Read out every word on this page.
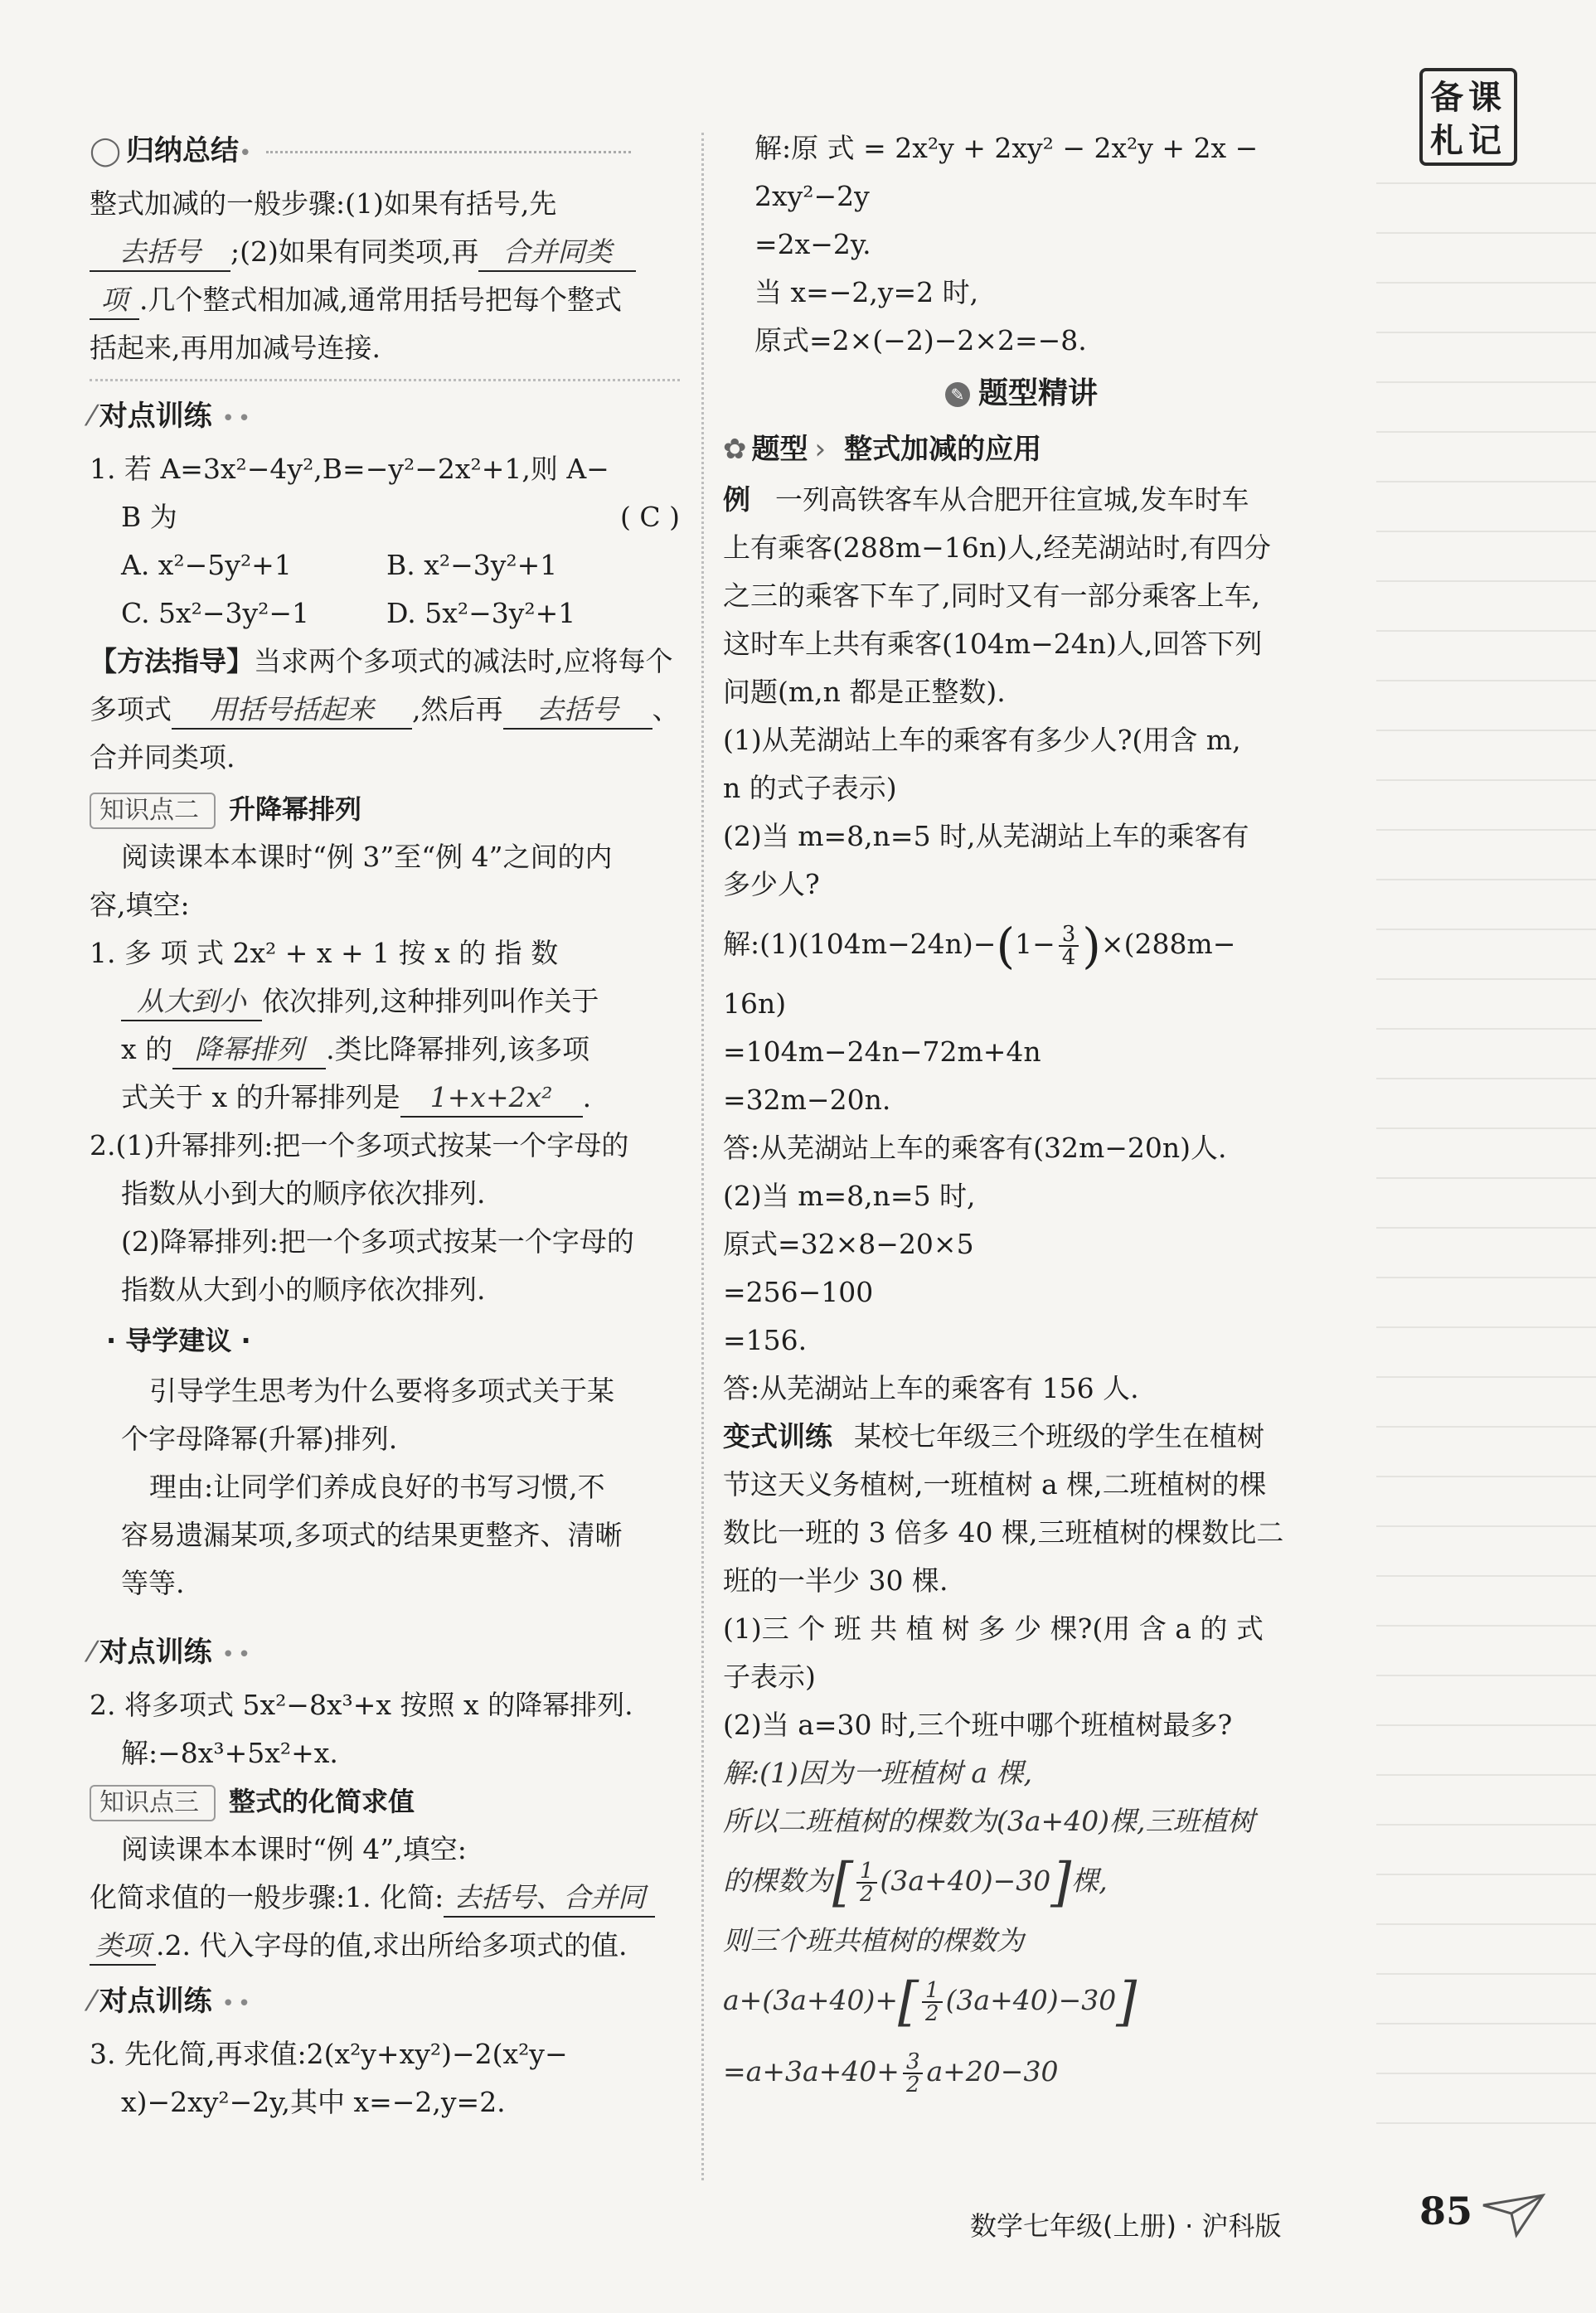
备课札记
◯ 归纳总结•
整式加减的一般步骤:(1)如果有括号,先
去括号 ;(2)如果有同类项,再 合并同类
项 .几个整式相加减,通常用括号把每个整式
括起来,再用加减号连接.
⁄ 对点训练 ••
1. 若 A=3x²−4y²,B=−y²−2x²+1,则 A−
B 为	( C )
A. x²−5y²+1	B. x²−3y²+1
C. 5x²−3y²−1	D. 5x²−3y²+1
【方法指导】当求两个多项式的减法时,应将每个
多项式 用括号括起来 ,然后再 去括号 、
合并同类项.
知识点二 升降幂排列
阅读课本本课时“例 3”至“例 4”之间的内
容,填空:
1. 多 项 式 2x² + x + 1 按 x 的 指 数
从大到小 依次排列,这种排列叫作关于
x 的 降幂排列 .类比降幂排列,该多项
式关于 x 的升幂排列是 1+x+2x² .
2.(1)升幂排列:把一个多项式按某一个字母的
指数从小到大的顺序依次排列.
(2)降幂排列:把一个多项式按某一个字母的
指数从大到小的顺序依次排列.
· 导学建议 ·
引导学生思考为什么要将多项式关于某
个字母降幂(升幂)排列.
理由:让同学们养成良好的书写习惯,不
容易遗漏某项,多项式的结果更整齐、清晰
等等.
⁄ 对点训练 ••
2. 将多项式 5x²−8x³+x 按照 x 的降幂排列.
解:−8x³+5x²+x.
知识点三 整式的化简求值
阅读课本本课时“例 4”,填空:
化简求值的一般步骤:1. 化简: 去括号、合并同
类项 .2. 代入字母的值,求出所给多项式的值.
⁄ 对点训练 ••
3. 先化简,再求值:2(x²y+xy²)−2(x²y−
x)−2xy²−2y,其中 x=−2,y=2.
解:原 式 = 2x²y + 2xy² − 2x²y + 2x −
2xy²−2y
=2x−2y.
当 x=−2,y=2 时,
原式=2×(−2)−2×2=−8.
✎ 题型精讲
✿ 题型 › 整式加减的应用
例 一列高铁客车从合肥开往宣城,发车时车
上有乘客(288m−16n)人,经芜湖站时,有四分
之三的乘客下车了,同时又有一部分乘客上车,
这时车上共有乘客(104m−24n)人,回答下列
问题(m,n 都是正整数).
(1)从芜湖站上车的乘客有多少人?(用含 m,
n 的式子表示)
(2)当 m=8,n=5 时,从芜湖站上车的乘客有
多少人?
解:(1)(104m−24n)−(1− $\frac{3}{4} )\times(288m-$
16n)
=104m−24n−72m+4n
=32m−20n.
答:从芜湖站上车的乘客有(32m−20n)人.
(2)当 m=8,n=5 时,
原式=32×8−20×5
=256−100
=156.
答:从芜湖站上车的乘客有 156 人.
变式训练 某校七年级三个班级的学生在植树
节这天义务植树,一班植树 a 棵,二班植树的棵
数比一班的 3 倍多 40 棵,三班植树的棵数比二
班的一半少 30 棵.
(1)三 个 班 共 植 树 多 少 棵?(用 含 a 的 式
子表示)
(2)当 a=30 时,三个班中哪个班植树最多?
解:(1)因为一班植树 a 棵,
所以二班植树的棵数为(3a+40)棵,三班植树
的棵数为[ $\frac{1}{2} (3a+40)-30$]棵,
则三个班共植树的棵数为
$a+(3a+40)+[ \frac{1}{2} (3a+40)-30]$
$=a+3a+40+ \frac{3}{2} a+20-30$
数学七年级(上册) · 沪科版	85
